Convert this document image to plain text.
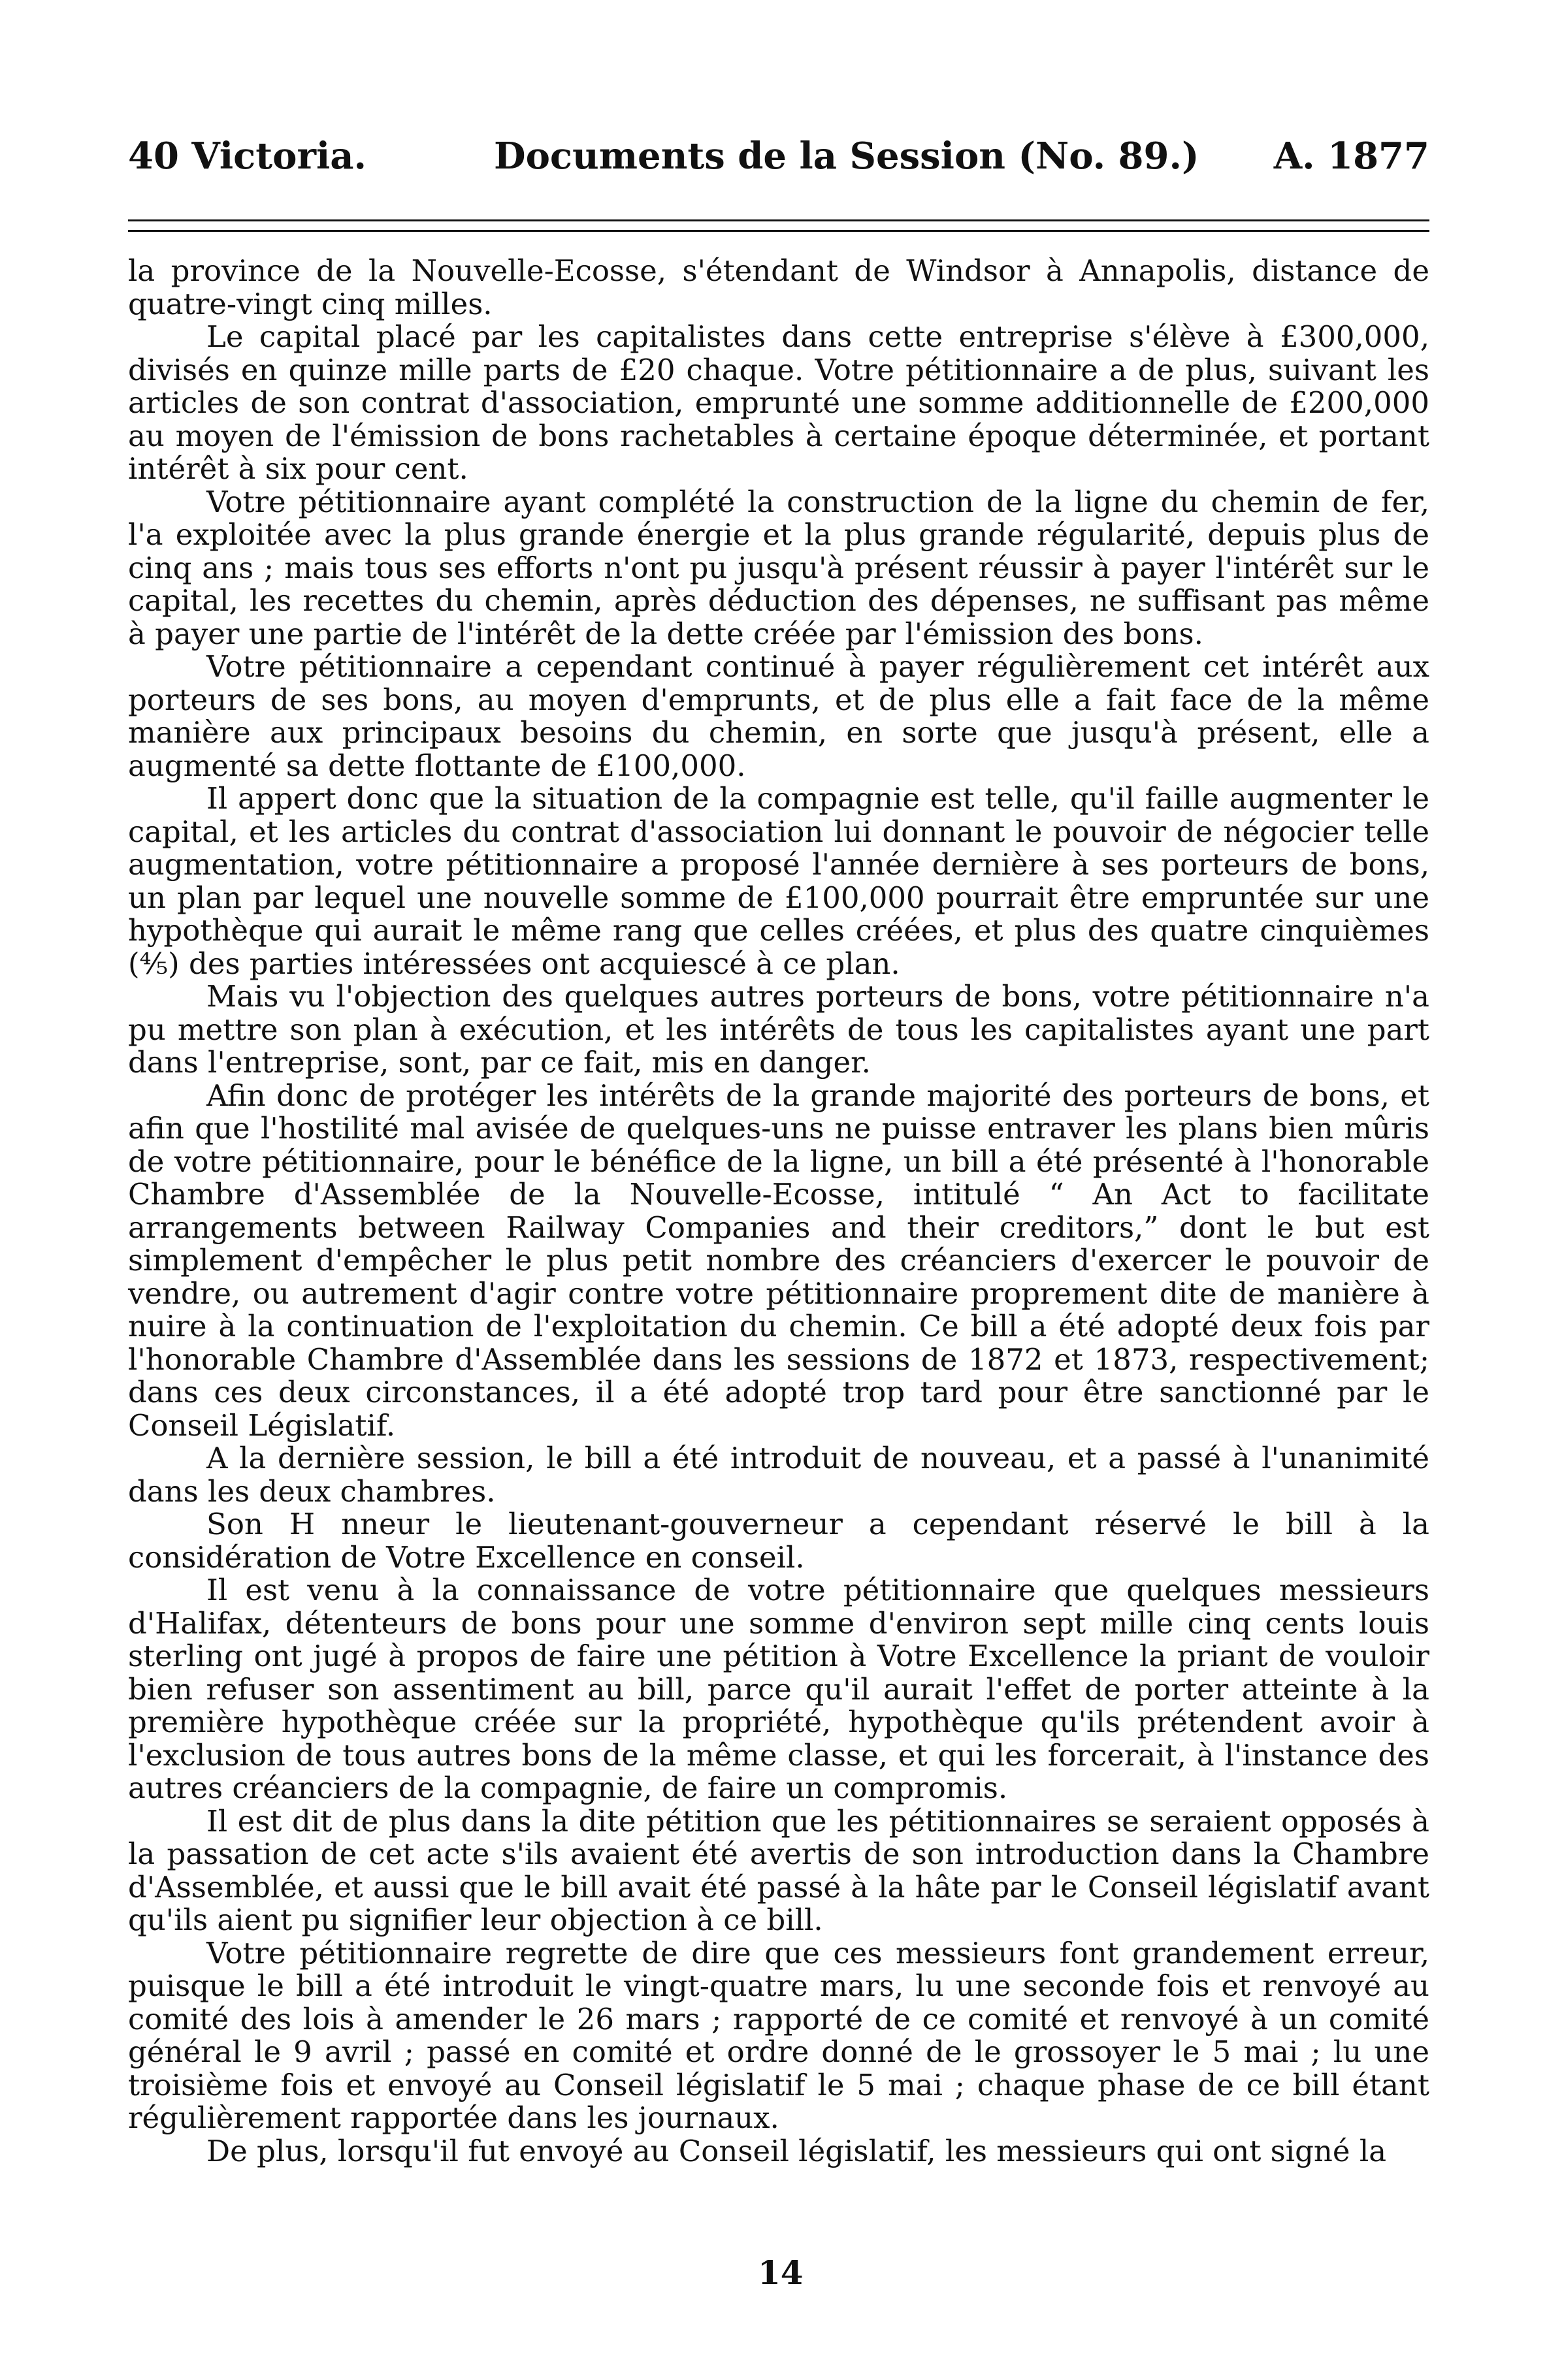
40 Victoria.	Documents de la Session (No. 89.) A. 1877

la province de la Nouvelle-Ecosse, s'étendant de Windsor à Annapolis, distance de quatre-vingt cinq milles.

Le capital placé par les capitalistes dans cette entreprise s'élève à £300,000, divisés en quinze mille parts de £20 chaque. Votre pétitionnaire a de plus, suivant les articles de son contrat d'association, emprunté une somme additionnelle de £200,000 au moyen de l'émission de bons rachetables à certaine époque déterminée, et portant intérêt à six pour cent.

Votre pétitionnaire ayant complété la construction de la ligne du chemin de fer, l'a exploitée avec la plus grande énergie et la plus grande régularité, depuis plus de cinq ans ; mais tous ses efforts n'ont pu jusqu'à présent réussir à payer l'intérêt sur le capital, les recettes du chemin, après déduction des dépenses, ne suffisant pas même à payer une partie de l'intérêt de la dette créée par l'émission des bons.

Votre pétitionnaire a cependant continué à payer régulièrement cet intérêt aux porteurs de ses bons, au moyen d'emprunts, et de plus elle a fait face de la même manière aux principaux besoins du chemin, en sorte que jusqu'à présent, elle a augmenté sa dette flottante de £100,000.

Il appert donc que la situation de la compagnie est telle, qu'il faille augmenter le capital, et les articles du contrat d'association lui donnant le pouvoir de négocier telle augmentation, votre pétitionnaire a proposé l'année dernière à ses porteurs de bons, un plan par lequel une nouvelle somme de £100,000 pourrait être empruntée sur une hypothèque qui aurait le même rang que celles créées, et plus des quatre cinquièmes (⅘) des parties intéressées ont acquiescé à ce plan.

Mais vu l'objection des quelques autres porteurs de bons, votre pétitionnaire n'a pu mettre son plan à exécution, et les intérêts de tous les capitalistes ayant une part dans l'entreprise, sont, par ce fait, mis en danger.

Afin donc de protéger les intérêts de la grande majorité des porteurs de bons, et afin que l'hostilité mal avisée de quelques-uns ne puisse entraver les plans bien mûris de votre pétitionnaire, pour le bénéfice de la ligne, un bill a été présenté à l'honorable Chambre d'Assemblée de la Nouvelle-Ecosse, intitulé “ An Act to facilitate arrangements between Railway Companies and their creditors,” dont le but est simplement d'empêcher le plus petit nombre des créanciers d'exercer le pouvoir de vendre, ou autrement d'agir contre votre pétitionnaire proprement dite de manière à nuire à la continuation de l'exploitation du chemin. Ce bill a été adopté deux fois par l'honorable Chambre d'Assemblée dans les sessions de 1872 et 1873, respectivement; dans ces deux circonstances, il a été adopté trop tard pour être sanctionné par le Conseil Législatif.

A la dernière session, le bill a été introduit de nouveau, et a passé à l'unanimité dans les deux chambres.

Son H nneur le lieutenant-gouverneur a cependant réservé le bill à la considération de Votre Excellence en conseil.

Il est venu à la connaissance de votre pétitionnaire que quelques messieurs d'Halifax, détenteurs de bons pour une somme d'environ sept mille cinq cents louis sterling ont jugé à propos de faire une pétition à Votre Excellence la priant de vouloir bien refuser son assentiment au bill, parce qu'il aurait l'effet de porter atteinte à la première hypothèque créée sur la propriété, hypothèque qu'ils prétendent avoir à l'exclusion de tous autres bons de la même classe, et qui les forcerait, à l'instance des autres créanciers de la compagnie, de faire un compromis.

Il est dit de plus dans la dite pétition que les pétitionnaires se seraient opposés à la passation de cet acte s'ils avaient été avertis de son introduction dans la Chambre d'Assemblée, et aussi que le bill avait été passé à la hâte par le Conseil législatif avant qu'ils aient pu signifier leur objection à ce bill.

Votre pétitionnaire regrette de dire que ces messieurs font grandement erreur, puisque le bill a été introduit le vingt-quatre mars, lu une seconde fois et renvoyé au comité des lois à amender le 26 mars ; rapporté de ce comité et renvoyé à un comité général le 9 avril ; passé en comité et ordre donné de le grossoyer le 5 mai ; lu une troisième fois et envoyé au Conseil législatif le 5 mai ; chaque phase de ce bill étant régulièrement rapportée dans les journaux.

De plus, lorsqu'il fut envoyé au Conseil législatif, les messieurs qui ont signé la

14
